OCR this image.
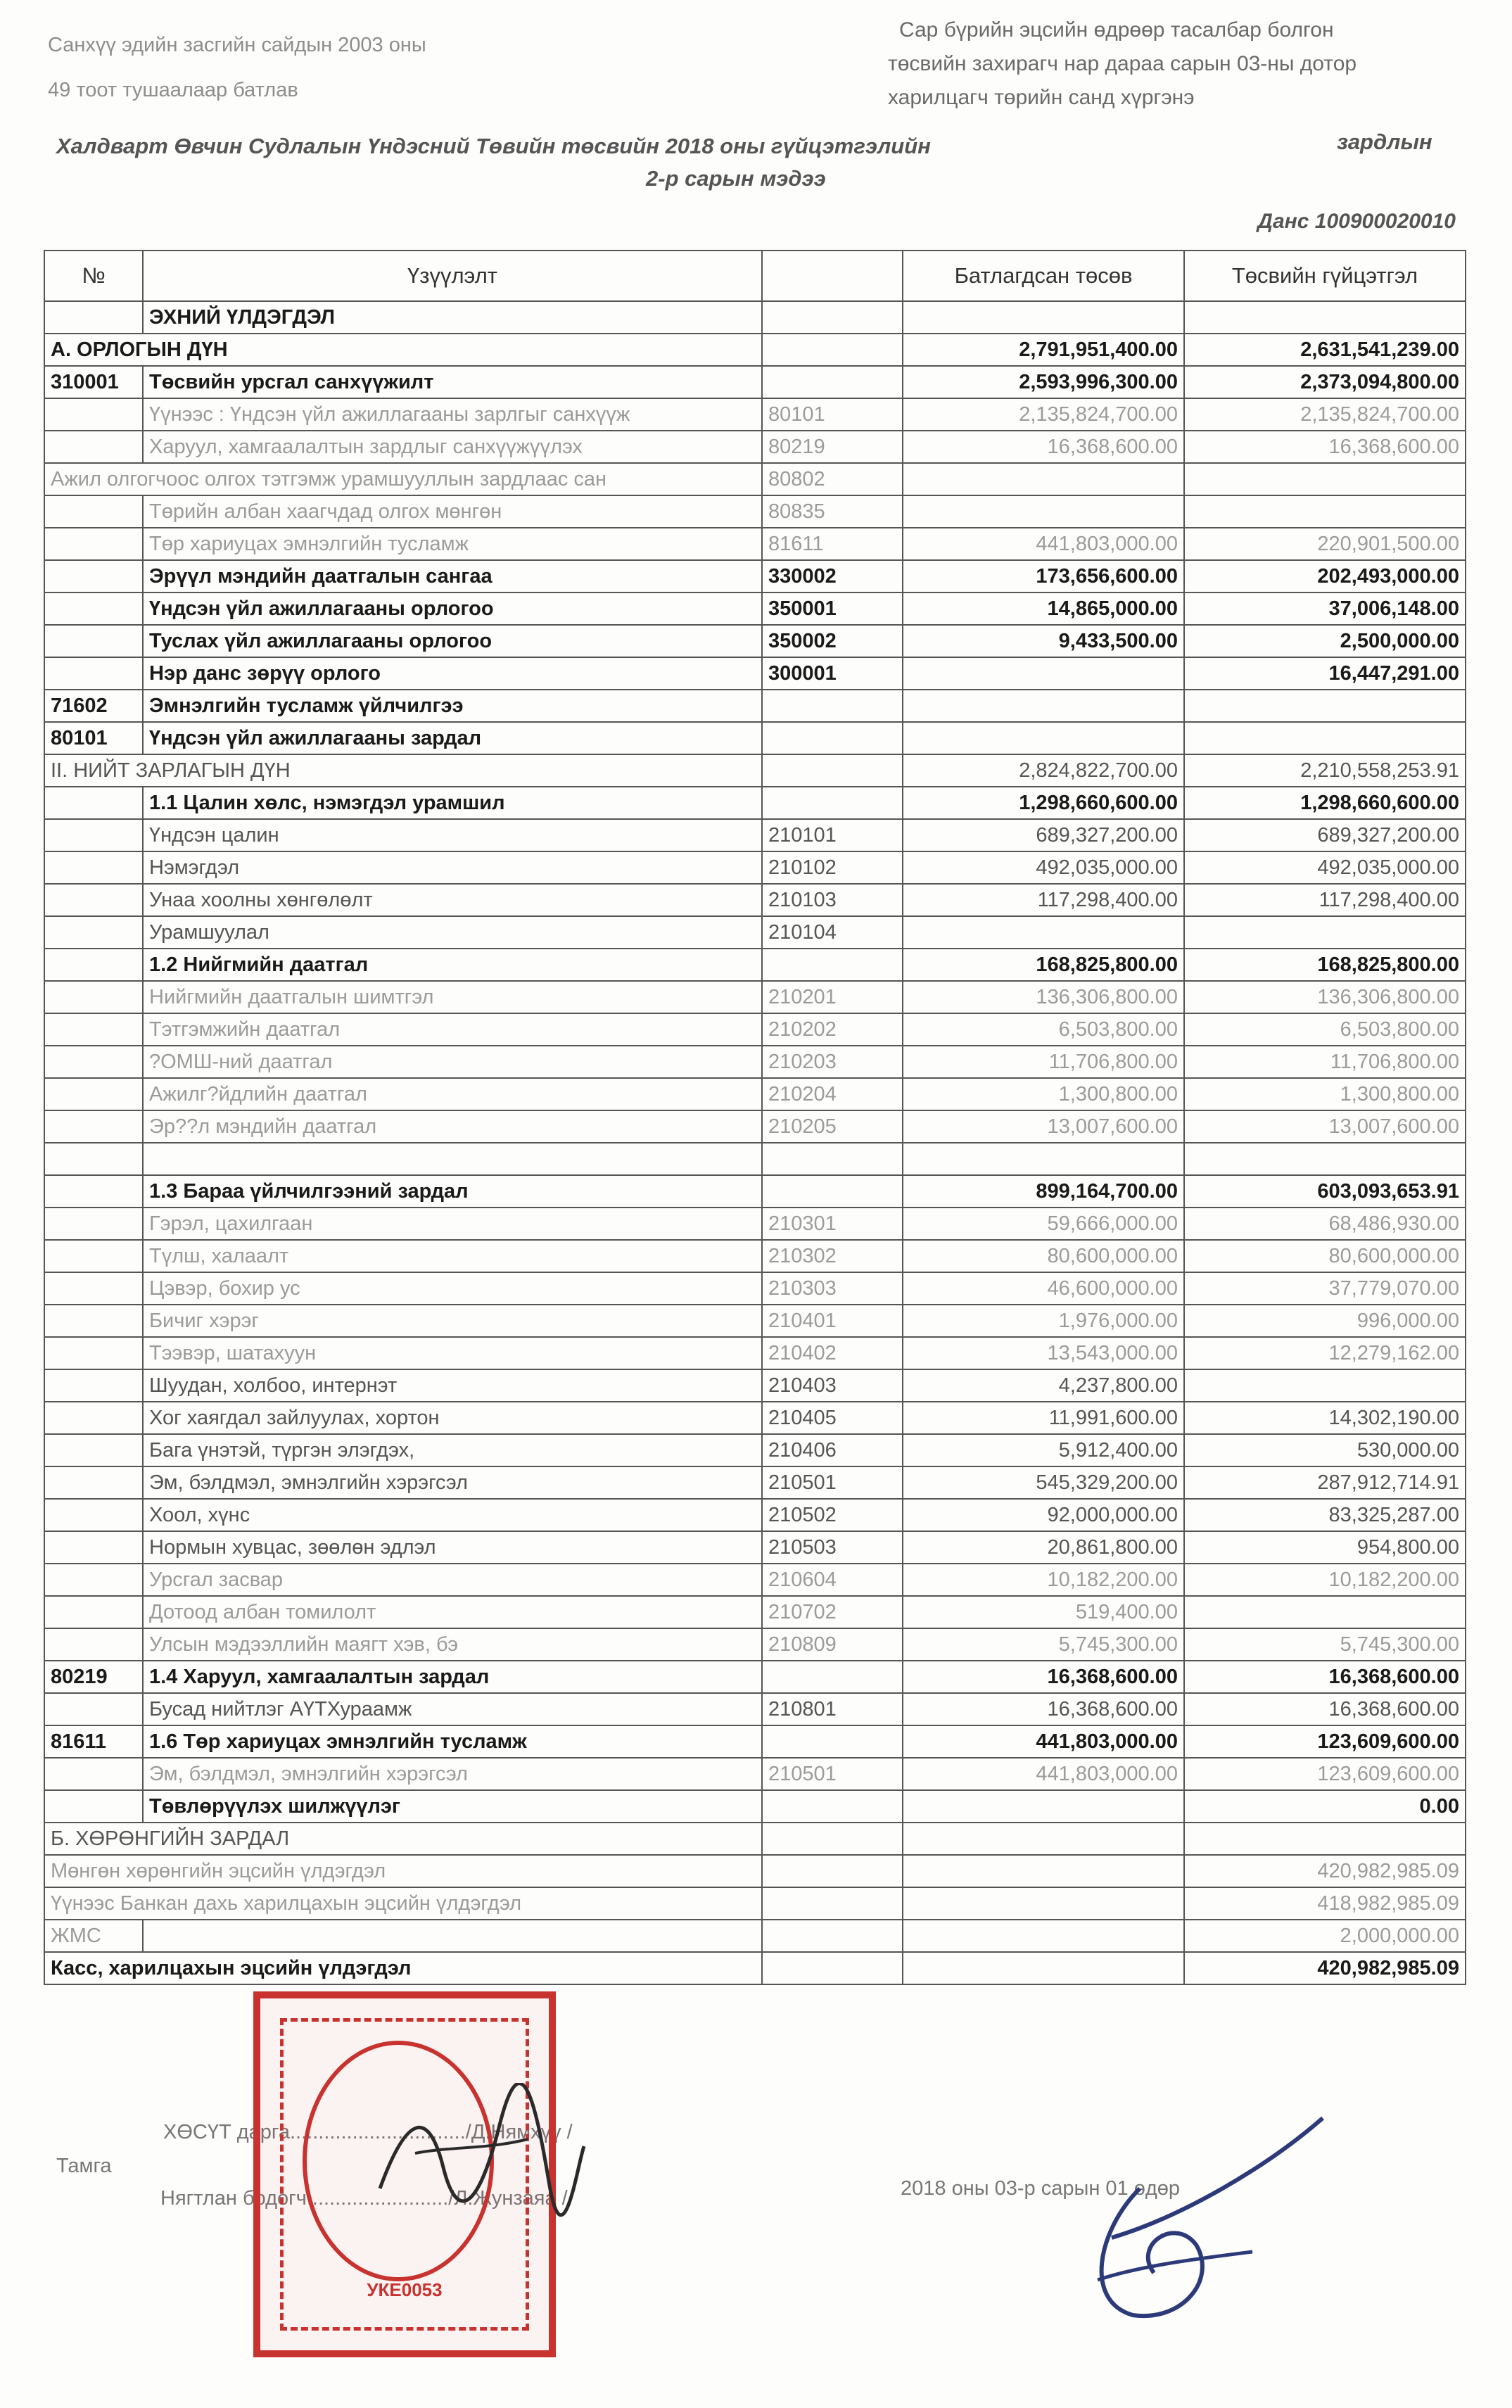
Санхүү эдийн засгийн сайдын 2003 оны
49 тоот тушаалаар батлав
Сар бүрийн эцсийн өдрөөр тасалбар болгон
төсвийн захирагч нар дараа сарын 03-ны дотор
харилцагч төрийн санд хүргэнэ
Халдварт Өвчин Судлалын Үндэсний Төвийн төсвийн 2018 оны гүйцэтгэлийн	зардлын
2-р сарын мэдээ
Данс 100900020010
№	Үзүүлэлт		Батлагдсан төсөв	Төсвийн гүйцэтгэл
	ЭХНИЙ ҮЛДЭГДЭЛ			
А. ОРЛОГЫН ДҮН			2,791,951,400.00	2,631,541,239.00
310001	Төсвийн урсгал санхүүжилт		2,593,996,300.00	2,373,094,800.00
	Үүнээс : Үндсэн үйл ажиллагааны зарлгыг санхүүж	80101	2,135,824,700.00	2,135,824,700.00
	Харуул, хамгаалалтын зардлыг санхүүжүүлэх	80219	16,368,600.00	16,368,600.00
Ажил олгогчоос олгох тэтгэмж урамшууллын зардлаас сан		80802		
	Төрийн албан хаагчдад олгох мөнгөн	80835		
	Төр хариуцах эмнэлгийн тусламж	81611	441,803,000.00	220,901,500.00
	Эрүүл мэндийн даатгалын сангаа	330002	173,656,600.00	202,493,000.00
	Үндсэн үйл ажиллагааны орлогоо	350001	14,865,000.00	37,006,148.00
	Туслах үйл ажиллагааны орлогоо	350002	9,433,500.00	2,500,000.00
	Нэр данс зөрүү орлого	300001		16,447,291.00
71602	Эмнэлгийн тусламж үйлчилгээ			
80101	Үндсэн үйл ажиллагааны зардал			
II. НИЙТ ЗАРЛАГЫН ДҮН			2,824,822,700.00	2,210,558,253.91
	1.1 Цалин хөлс, нэмэгдэл урамшил		1,298,660,600.00	1,298,660,600.00
	Үндсэн цалин	210101	689,327,200.00	689,327,200.00
	Нэмэгдэл	210102	492,035,000.00	492,035,000.00
	Унаа хоолны хөнгөлөлт	210103	117,298,400.00	117,298,400.00
	Урамшуулал	210104		
	1.2 Нийгмийн даатгал		168,825,800.00	168,825,800.00
	Нийгмийн даатгалын шимтгэл	210201	136,306,800.00	136,306,800.00
	Тэтгэмжийн даатгал	210202	6,503,800.00	6,503,800.00
	?ОМШ-ний даатгал	210203	11,706,800.00	11,706,800.00
	Ажилг?йдлийн даатгал	210204	1,300,800.00	1,300,800.00
	Эр??л мэндийн даатгал	210205	13,007,600.00	13,007,600.00

	1.3 Бараа үйлчилгээний зардал		899,164,700.00	603,093,653.91
	Гэрэл, цахилгаан	210301	59,666,000.00	68,486,930.00
	Түлш, халаалт	210302	80,600,000.00	80,600,000.00
	Цэвэр, бохир ус	210303	46,600,000.00	37,779,070.00
	Бичиг хэрэг	210401	1,976,000.00	996,000.00
	Тээвэр, шатахуун	210402	13,543,000.00	12,279,162.00
	Шуудан, холбоо, интернэт	210403	4,237,800.00	
	Хог хаягдал зайлуулах, хортон	210405	11,991,600.00	14,302,190.00
	Бага үнэтэй, түргэн элэгдэх,	210406	5,912,400.00	530,000.00
	Эм, бэлдмэл, эмнэлгийн хэрэгсэл	210501	545,329,200.00	287,912,714.91
	Хоол, хүнс	210502	92,000,000.00	83,325,287.00
	Нормын хувцас, зөөлөн эдлэл	210503	20,861,800.00	954,800.00
	Урсгал засвар	210604	10,182,200.00	10,182,200.00
	Дотоод албан томилолт	210702	519,400.00	
	Улсын мэдээллийн маягт хэв, бэ	210809	5,745,300.00	5,745,300.00
80219	1.4 Харуул, хамгаалалтын зардал		16,368,600.00	16,368,600.00
	Бусад нийтлэг АҮТХураамж	210801	16,368,600.00	16,368,600.00
81611	1.6 Төр хариуцах эмнэлгийн тусламж		441,803,000.00	123,609,600.00
	Эм, бэлдмэл, эмнэлгийн хэрэгсэл	210501	441,803,000.00	123,609,600.00
	Төвлөрүүлэх шилжүүлэг			0.00
Б. ХӨРӨНГИЙН ЗАРДАЛ				
Мөнгөн хөрөнгийн эцсийн үлдэгдэл				420,982,985.09
Үүнээс Банкан дахь харилцахын эцсийн үлдэгдэл				418,982,985.09
ЖМС				2,000,000.00
Касс, харилцахын эцсийн үлдэгдэл				420,982,985.09
ХӨСҮТ дарга.............................../Д.Нямхүү /
Тамга
Нягтлан бодогч........................./Л.Жунзаяа /	2018 оны 03-р сарын 01 өдөр
УКЕ0053
